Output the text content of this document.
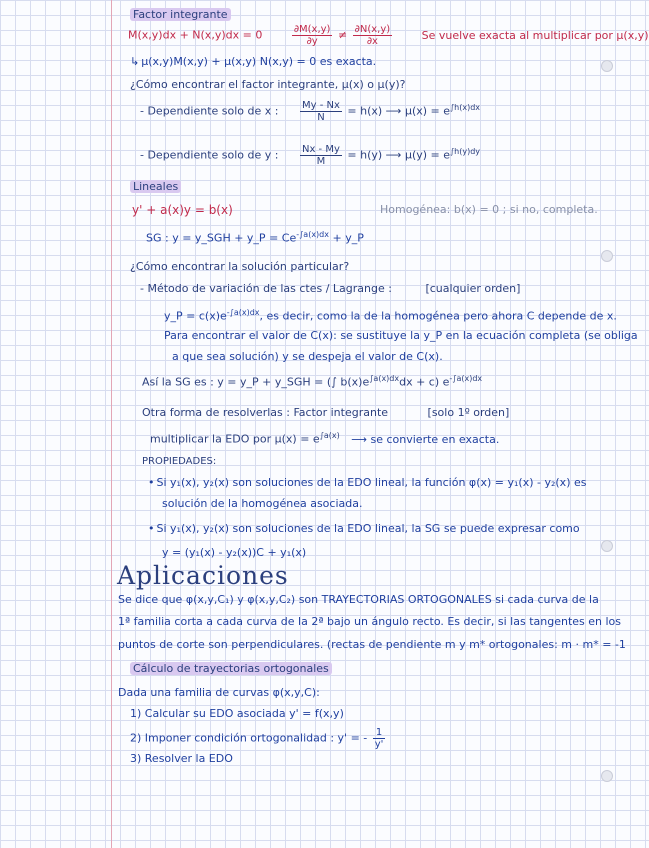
Factor integrante
M(x,y)dx + N(x,y)dx = 0	$\frac{\partial M(x,y)}{\partial y} \ne \frac{\partial N(x,y)}{\partial x}$	Se vuelve exacta al multiplicar por μ(x,y)
↳ μ(x,y)M(x,y) + μ(x,y) N(x,y) = 0 es exacta.
¿Cómo encontrar el factor integrante, μ(x) o μ(y)?
- Dependiente solo de x : $\frac{My - Nx}{N} = h(x)$ ⟶ $\mu(x) = e^{\int h(x)dx}$
- Dependiente solo de y : $\frac{Nx - My}{M} = h(y)$ ⟶ $\mu(y) = e^{\int h(y)dy}$
Lineales
y' + a(x)y = b(x)	Homogénea: b(x) = 0 ; si no, completa.
SG : y = y_SGH + y_P = $Ce^{-\int a(x)dx}$ + y_P
¿Cómo encontrar la solución particular?
- Método de variación de las ctes / Lagrange :	[cualquier orden]
y_P = $c(x)e^{-\int a(x)dx}$, es decir, como la de la homogénea pero ahora C depende de x.
Para encontrar el valor de C(x): se sustituye la y_P en la ecuación completa (se obliga
a que sea solución) y se despeja el valor de C(x).
Así la SG es : y = y_P + y_SGH = (∫ $b(x)e^{\int a(x)dx}dx + c$) $e^{-\int a(x)dx}$
Otra forma de resolverlas : Factor integrante	[solo 1º orden]
multiplicar la EDO por $\mu(x) = e^{\int a(x)}$ ⟶ se convierte en exacta.
PROPIEDADES:
• Si y₁(x), y₂(x) son soluciones de la EDO lineal, la función φ(x) = y₁(x) - y₂(x) es
solución de la homogénea asociada.
• Si y₁(x), y₂(x) son soluciones de la EDO lineal, la SG se puede expresar como
y = (y₁(x) - y₂(x))C + y₁(x)
Aplicaciones
Se dice que φ(x,y,C₁) y φ(x,y,C₂) son TRAYECTORIAS ORTOGONALES si cada curva de la
1ª familia corta a cada curva de la 2ª bajo un ángulo recto. Es decir, si las tangentes en los
puntos de corte son perpendiculares. (rectas de pendiente m y m* ortogonales: m · m* = -1
Cálculo de trayectorias ortogonales
Dada una familia de curvas φ(x,y,C):
1) Calcular su EDO asociada y' = f(x,y)
2) Imponer condición ortogonalidad : y' = - $\frac{1}{y'}$
3) Resolver la EDO
